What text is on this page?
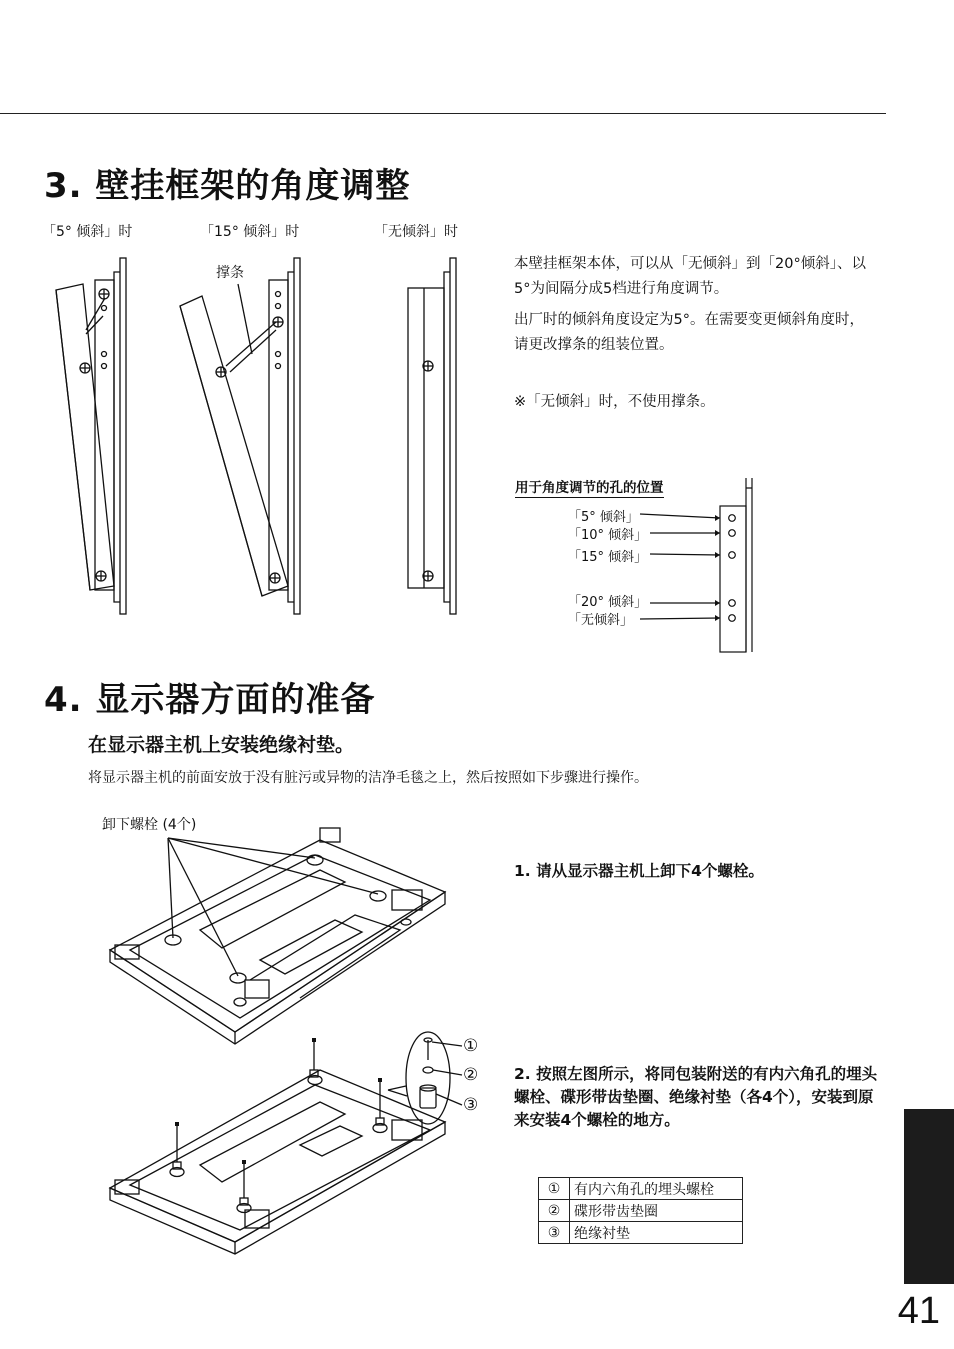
3. 壁挂框架的角度调整
「5° 倾斜」时	「15° 倾斜」时	「无倾斜」时
撑条
本壁挂框架本体，可以从「无倾斜」到「20°倾斜」、以5°为间隔分成5档进行角度调节。
出厂时的倾斜角度设定为5°。在需要变更倾斜角度时，请更改撑条的组装位置。
※「无倾斜」时，不使用撑条。
用于角度调节的孔的位置
「5° 倾斜」
「10° 倾斜」
「15° 倾斜」
「20° 倾斜」
「无倾斜」
4. 显示器方面的准备
在显示器主机上安装绝缘衬垫。
将显示器主机的前面安放于没有脏污或异物的洁净毛毯之上，然后按照如下步骤进行操作。
卸下螺栓 (4个)
1. 请从显示器主机上卸下4个螺栓。
①
②
③
2. 按照左图所示，将同包装附送的有内六角孔的埋头螺栓、碟形带齿垫圈、绝缘衬垫（各4个），安装到原来安装4个螺栓的地方。
①	有内六角孔的埋头螺栓
②	碟形带齿垫圈
③	绝缘衬垫
41
